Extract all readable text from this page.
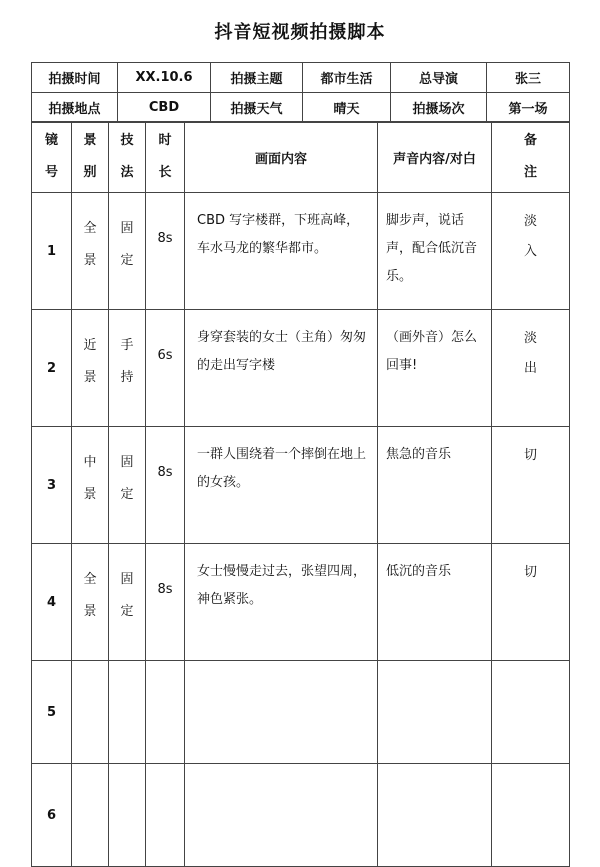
抖音短视频拍摄脚本
拍摄时间	XX.10.6	拍摄主题	都市生活	总导演	张三
拍摄地点	CBD	拍摄天气	晴天	拍摄场次	第一场
镜号	景别	技法	时长	画面内容	声音内容/对白	备注
1	全景	固定	8s	CBD 写字楼群，下班高峰，车水马龙的繁华都市。	脚步声，说话声，配合低沉音乐。	淡入
2	近景	手持	6s	身穿套装的女士（主角）匆匆的走出写字楼	（画外音）怎么回事!	淡出
3	中景	固定	8s	一群人围绕着一个摔倒在地上的女孩。	焦急的音乐	切
4	全景	固定	8s	女士慢慢走过去，张望四周，神色紧张。	低沉的音乐	切
5						
6						
